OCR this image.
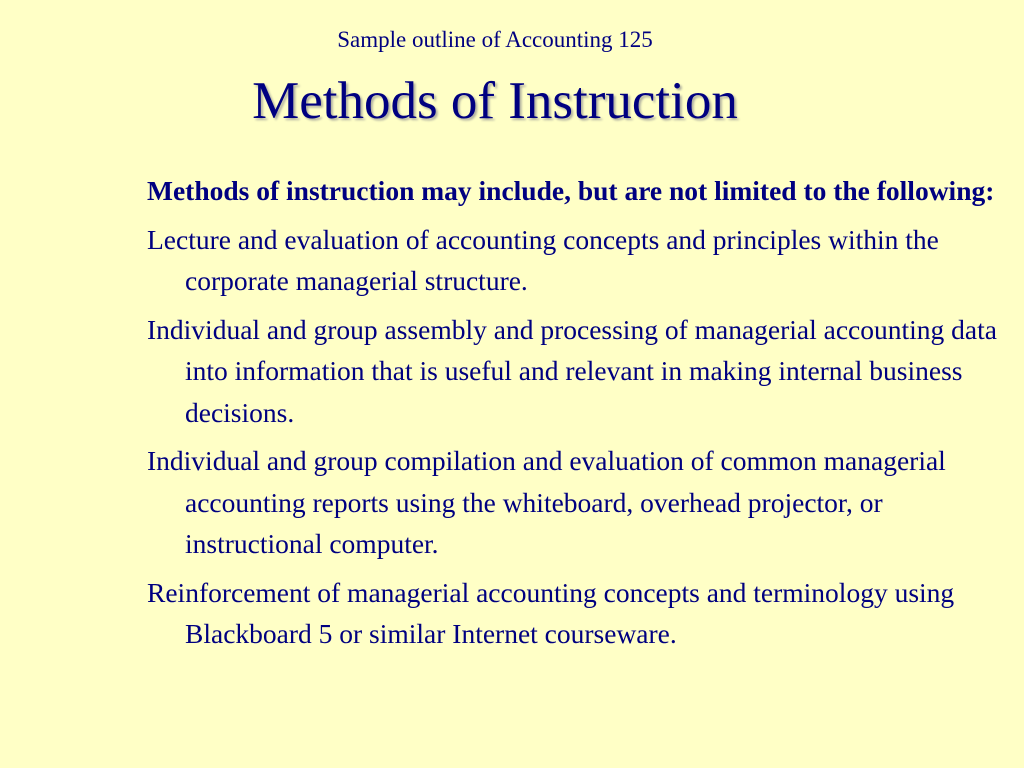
Sample outline of Accounting 125
Methods of Instruction

Methods of instruction may include, but are not limited to the following:

Lecture and evaluation of accounting concepts and principles within the corporate managerial structure.

Individual and group assembly and processing of managerial accounting data into information that is useful and relevant in making internal business decisions.

Individual and group compilation and evaluation of common managerial accounting reports using the whiteboard, overhead projector, or instructional computer.

Reinforcement of managerial accounting concepts and terminology using Blackboard 5 or similar Internet courseware.
